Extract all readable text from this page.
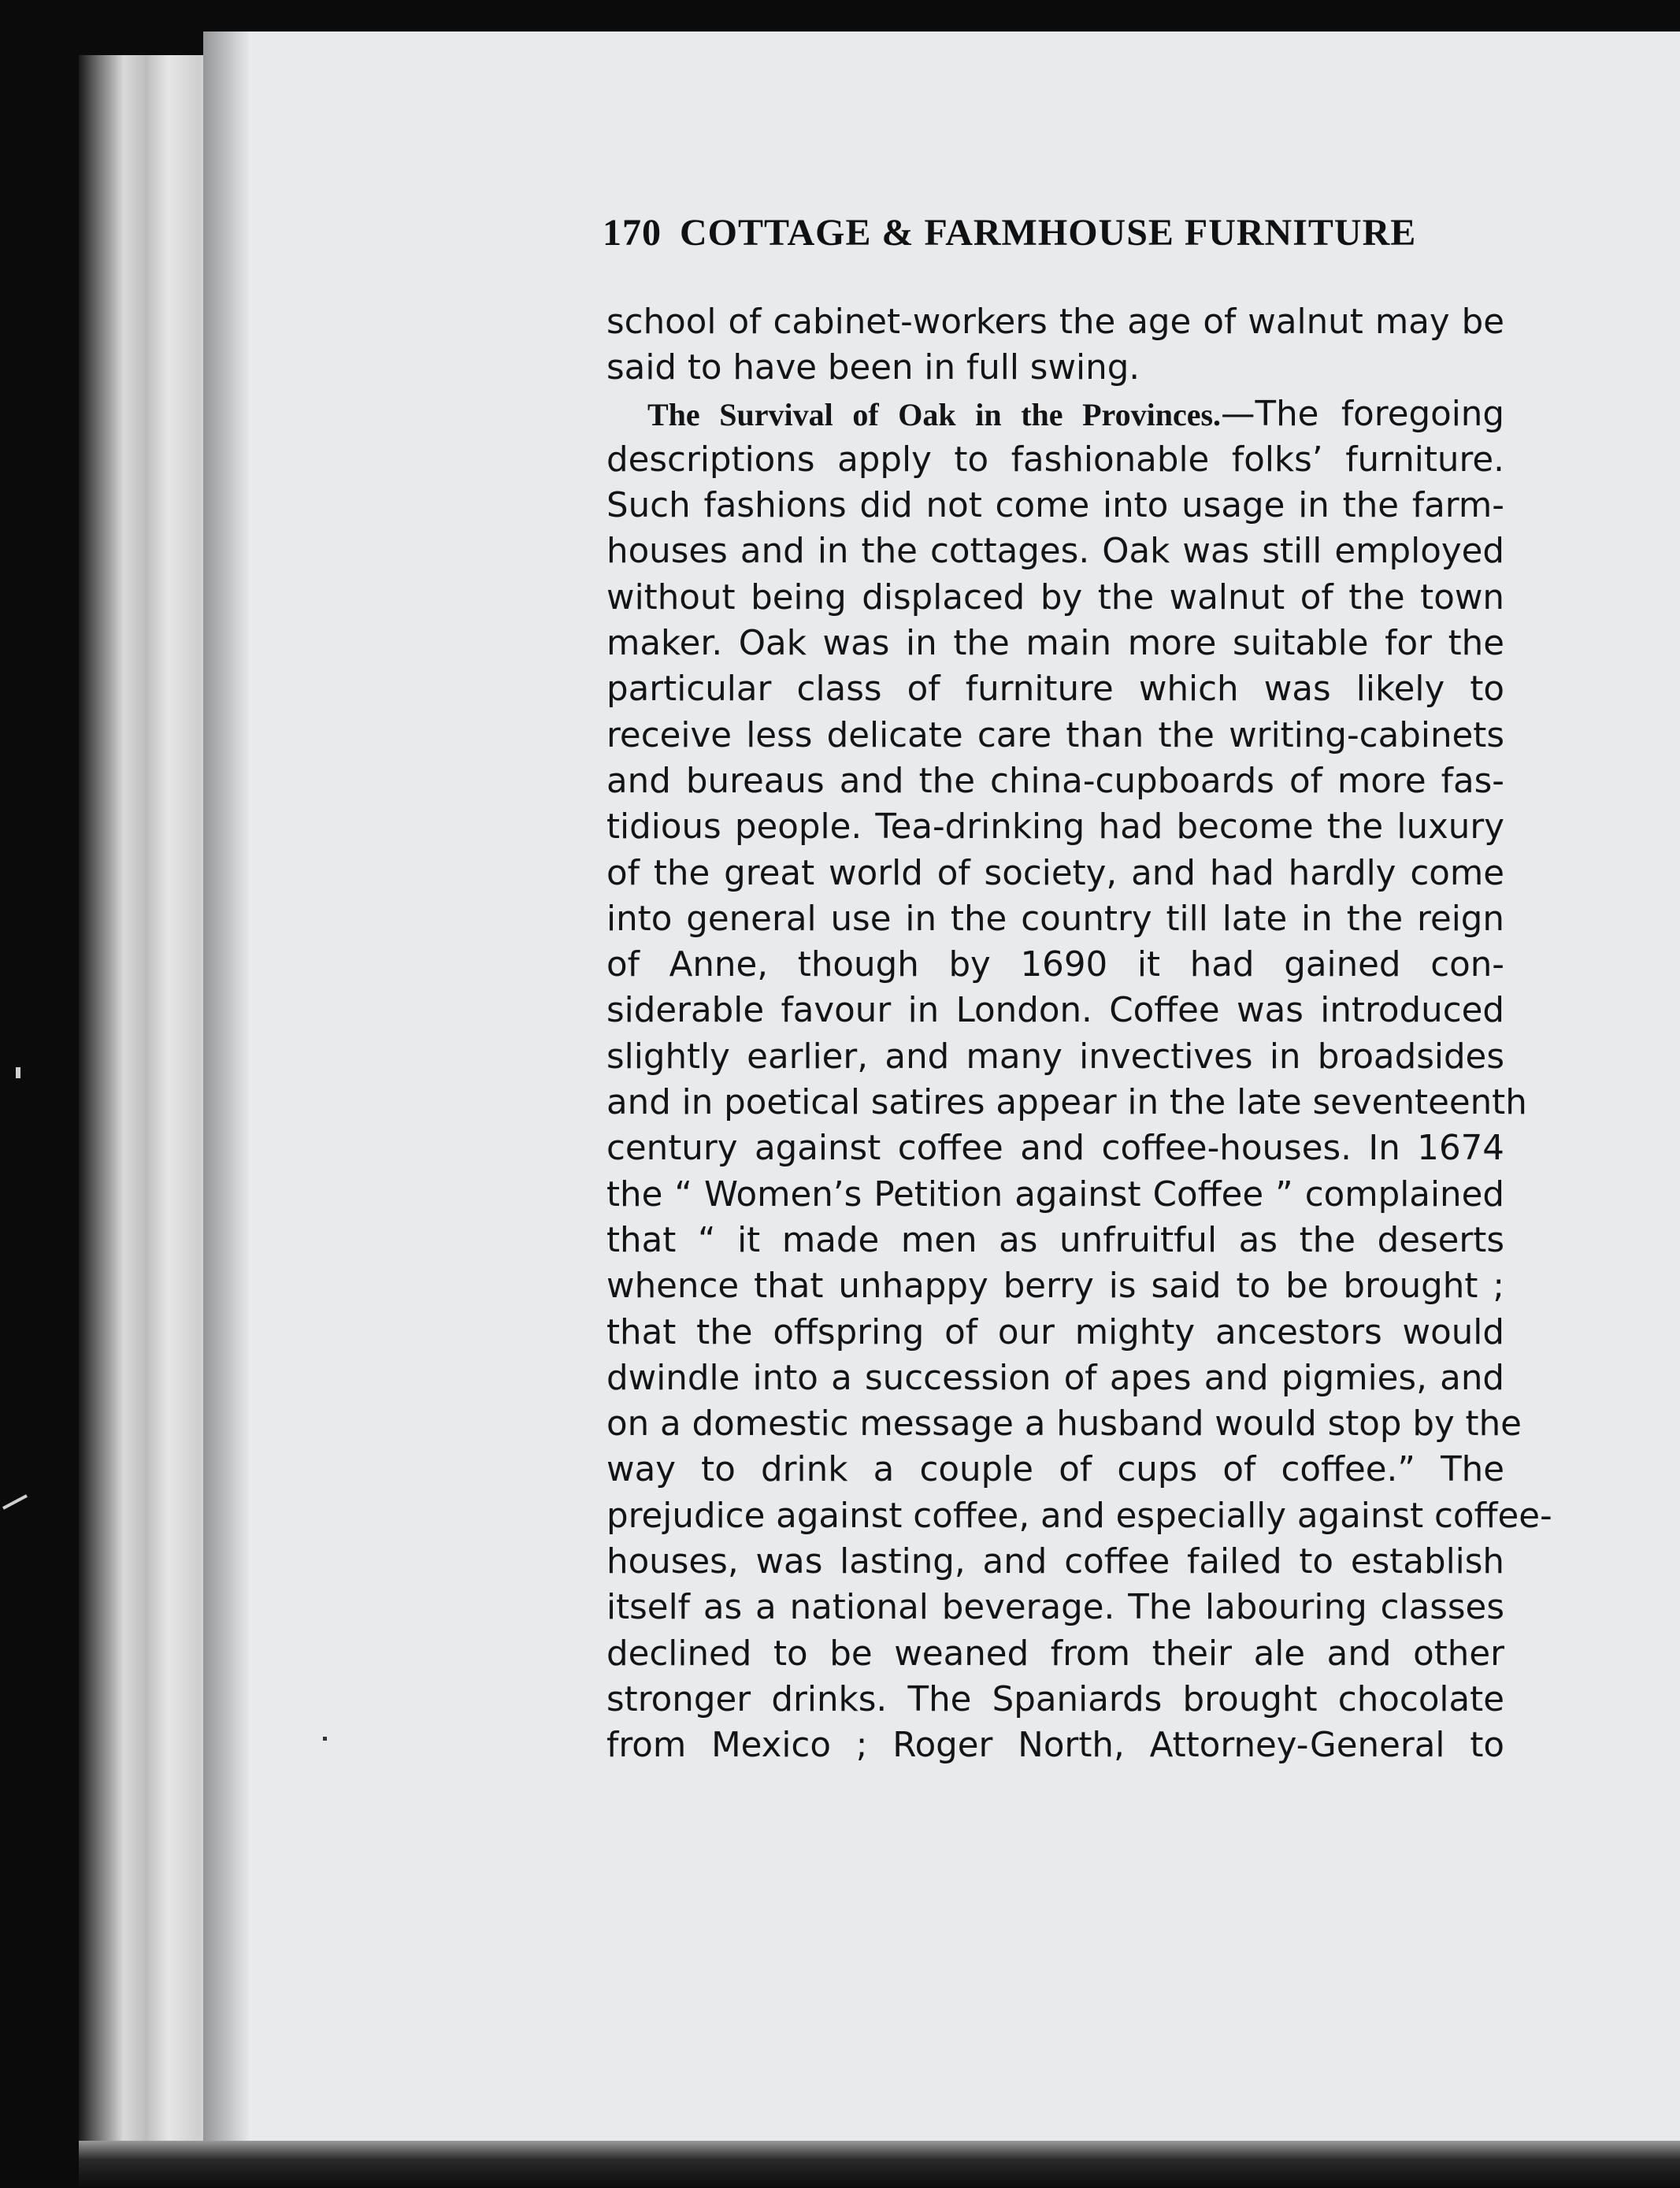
170 COTTAGE & FARMHOUSE FURNITURE
school of cabinet-workers the age of walnut may be
said to have been in full swing.
The Survival of Oak in the Provinces.—The foregoing
descriptions apply to fashionable folks’ furniture.
Such fashions did not come into usage in the farm-
houses and in the cottages. Oak was still employed
without being displaced by the walnut of the town
maker. Oak was in the main more suitable for the
particular class of furniture which was likely to
receive less delicate care than the writing-cabinets
and bureaus and the china-cupboards of more fas-
tidious people. Tea-drinking had become the luxury
of the great world of society, and had hardly come
into general use in the country till late in the reign
of Anne, though by 1690 it had gained con-
siderable favour in London. Coffee was introduced
slightly earlier, and many invectives in broadsides
and in poetical satires appear in the late seventeenth
century against coffee and coffee-houses. In 1674
the “ Women’s Petition against Coffee ” complained
that “ it made men as unfruitful as the deserts
whence that unhappy berry is said to be brought ;
that the offspring of our mighty ancestors would
dwindle into a succession of apes and pigmies, and
on a domestic message a husband would stop by the
way to drink a couple of cups of coffee.” The
prejudice against coffee, and especially against coffee-
houses, was lasting, and coffee failed to establish
itself as a national beverage. The labouring classes
declined to be weaned from their ale and other
stronger drinks. The Spaniards brought chocolate
from Mexico ; Roger North, Attorney-General to
